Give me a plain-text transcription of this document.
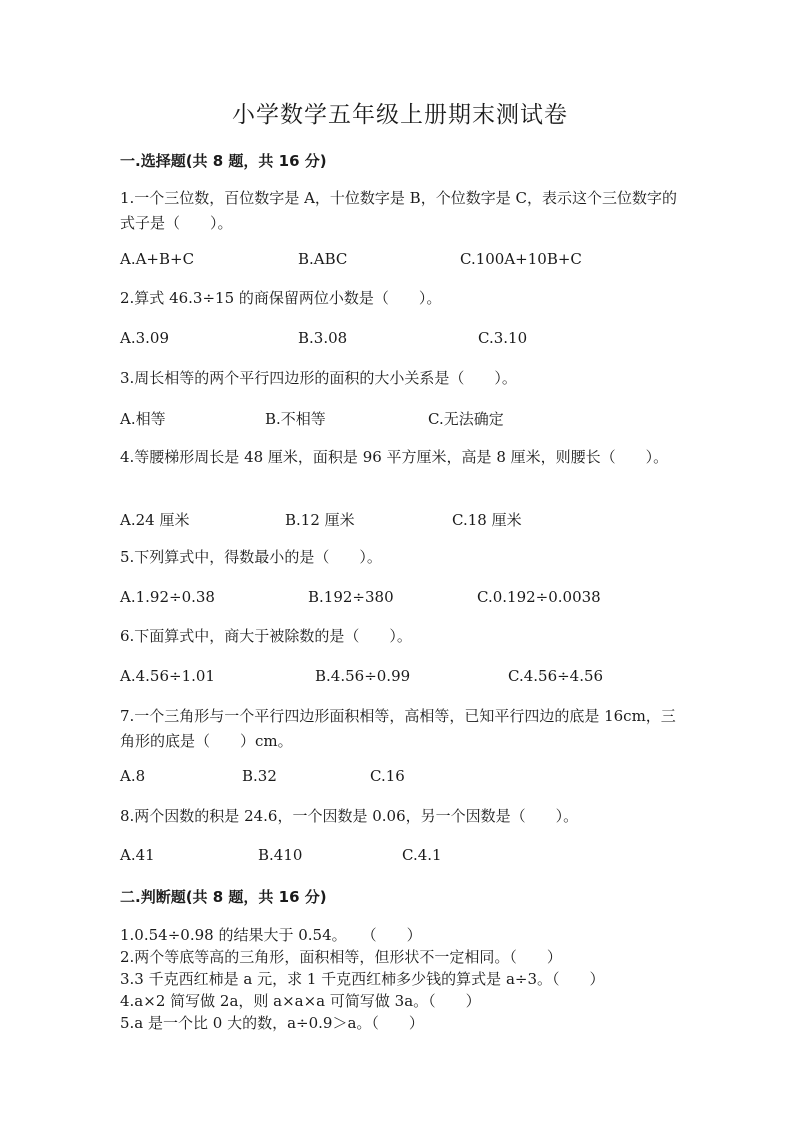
小学数学五年级上册期末测试卷
一.选择题(共 8 题，共 16 分)
1.一个三位数，百位数字是 A，十位数字是 B，个位数字是 C，表示这个三位数字的式子是（　　）。
A.A+B+C	B.ABC	C.100A+10B+C
2.算式 46.3÷15 的商保留两位小数是（　　）。
A.3.09	B.3.08	C.3.10
3.周长相等的两个平行四边形的面积的大小关系是（　　）。
A.相等	B.不相等	C.无法确定
4.等腰梯形周长是 48 厘米，面积是 96 平方厘米，高是 8 厘米，则腰长（　　）。
A.24 厘米	B.12 厘米	C.18 厘米
5.下列算式中，得数最小的是（　　）。
A.1.92÷0.38	B.192÷380	C.0.192÷0.0038
6.下面算式中，商大于被除数的是（　　）。
A.4.56÷1.01	B.4.56÷0.99	C.4.56÷4.56
7.一个三角形与一个平行四边形面积相等，高相等，已知平行四边的底是 16cm，三角形的底是（　　）cm。
A.8	B.32	C.16
8.两个因数的积是 24.6，一个因数是 0.06，另一个因数是（　　）。
A.41	B.410	C.4.1
二.判断题(共 8 题，共 16 分)
1.0.54÷0.98 的结果大于 0.54。　　（　　）
2.两个等底等高的三角形，面积相等，但形状不一定相同。（　　）
3.3 千克西红柿是 a 元，求 1 千克西红柿多少钱的算式是 a÷3。（　　）
4.a×2 简写做 2a，则 a×a×a 可简写做 3a。（　　）
5.a 是一个比 0 大的数，a÷0.9＞a。（　　）
